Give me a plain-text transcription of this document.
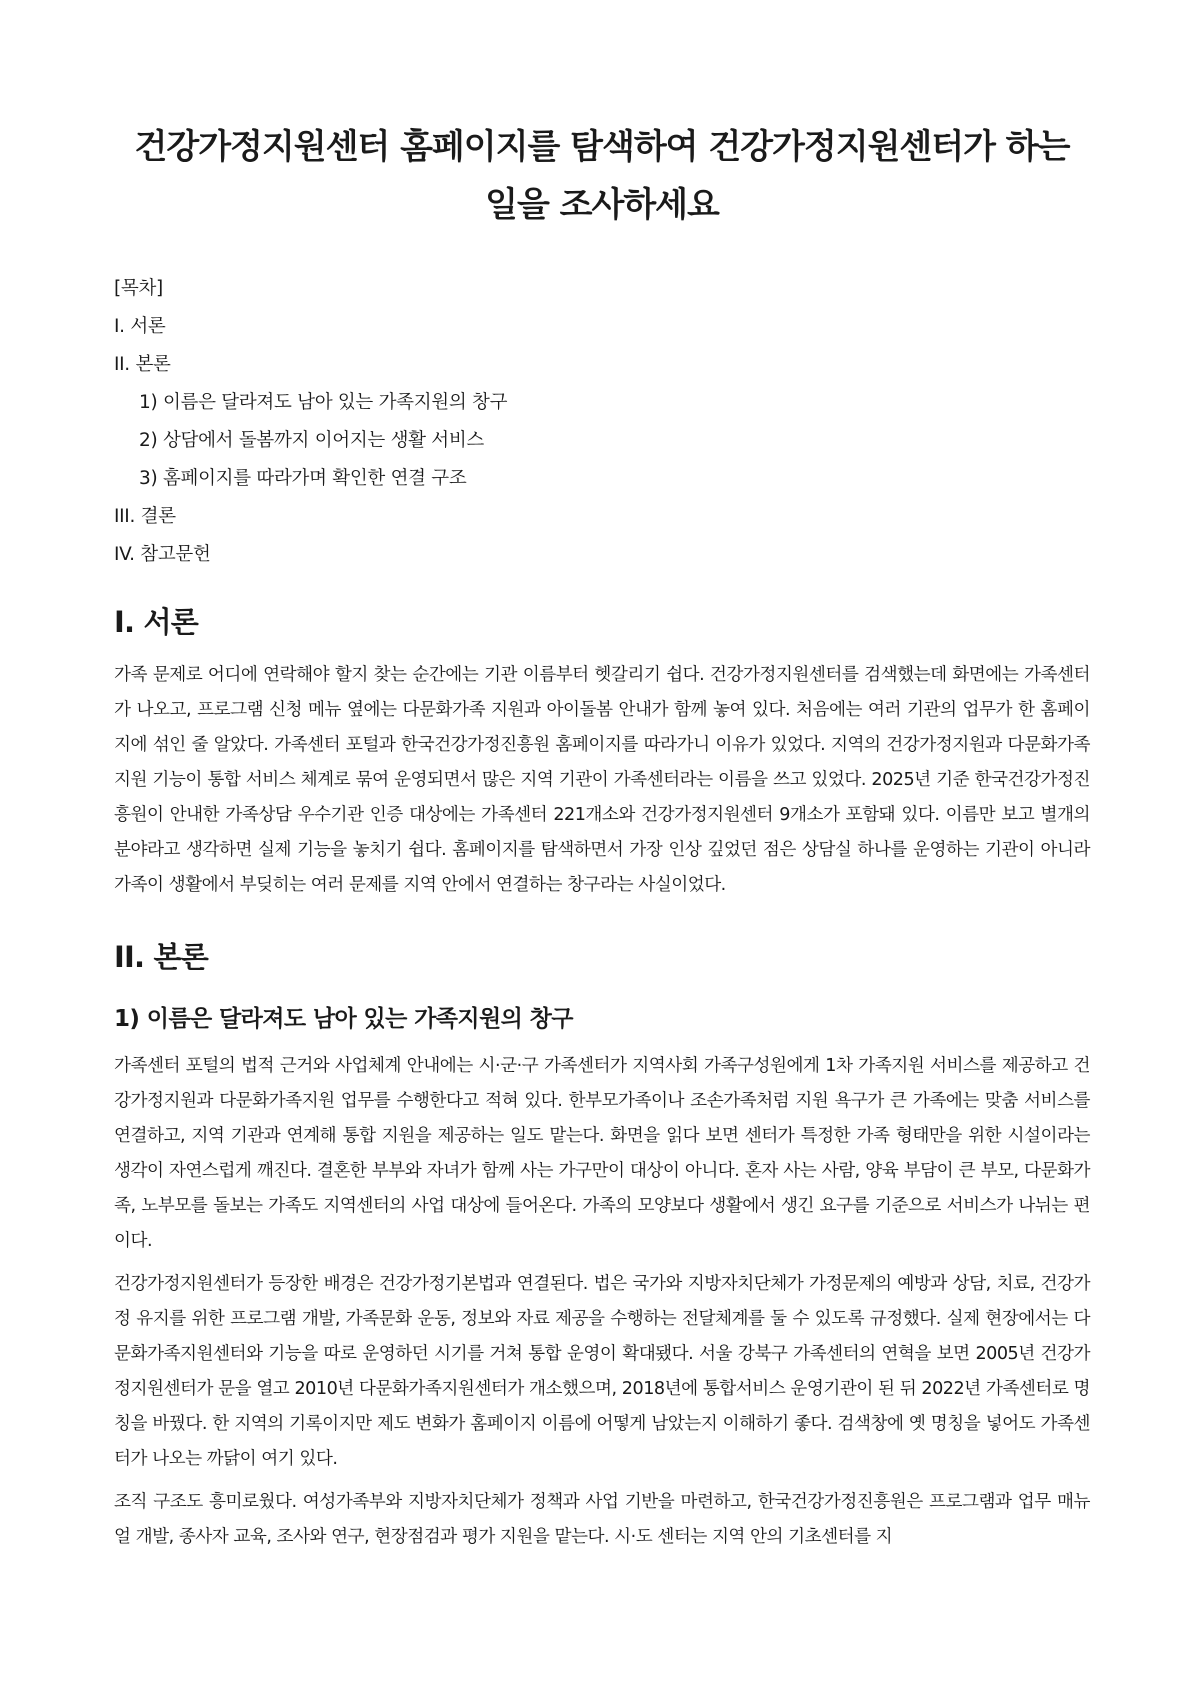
건강가정지원센터 홈페이지를 탐색하여 건강가정지원센터가 하는 일을 조사하세요
[목차]
I. 서론
II. 본론
1) 이름은 달라져도 남아 있는 가족지원의 창구
2) 상담에서 돌봄까지 이어지는 생활 서비스
3) 홈페이지를 따라가며 확인한 연결 구조
III. 결론
IV. 참고문헌
I. 서론

가족 문제로 어디에 연락해야 할지 찾는 순간에는 기관 이름부터 헷갈리기 쉽다. 건강가정지원센터를 검색했는데 화면에는 가족센터가 나오고, 프로그램 신청 메뉴 옆에는 다문화가족 지원과 아이돌봄 안내가 함께 놓여 있다. 처음에는 여러 기관의 업무가 한 홈페이지에 섞인 줄 알았다. 가족센터 포털과 한국건강가정진흥원 홈페이지를 따라가니 이유가 있었다. 지역의 건강가정지원과 다문화가족지원 기능이 통합 서비스 체계로 묶여 운영되면서 많은 지역 기관이 가족센터라는 이름을 쓰고 있었다. 2025년 기준 한국건강가정진흥원이 안내한 가족상담 우수기관 인증 대상에는 가족센터 221개소와 건강가정지원센터 9개소가 포함돼 있다. 이름만 보고 별개의 분야라고 생각하면 실제 기능을 놓치기 쉽다. 홈페이지를 탐색하면서 가장 인상 깊었던 점은 상담실 하나를 운영하는 기관이 아니라 가족이 생활에서 부딪히는 여러 문제를 지역 안에서 연결하는 창구라는 사실이었다.

II. 본론
1) 이름은 달라져도 남아 있는 가족지원의 창구

가족센터 포털의 법적 근거와 사업체계 안내에는 시·군·구 가족센터가 지역사회 가족구성원에게 1차 가족지원 서비스를 제공하고 건강가정지원과 다문화가족지원 업무를 수행한다고 적혀 있다. 한부모가족이나 조손가족처럼 지원 욕구가 큰 가족에는 맞춤 서비스를 연결하고, 지역 기관과 연계해 통합 지원을 제공하는 일도 맡는다. 화면을 읽다 보면 센터가 특정한 가족 형태만을 위한 시설이라는 생각이 자연스럽게 깨진다. 결혼한 부부와 자녀가 함께 사는 가구만이 대상이 아니다. 혼자 사는 사람, 양육 부담이 큰 부모, 다문화가족, 노부모를 돌보는 가족도 지역센터의 사업 대상에 들어온다. 가족의 모양보다 생활에서 생긴 요구를 기준으로 서비스가 나뉘는 편이다.

건강가정지원센터가 등장한 배경은 건강가정기본법과 연결된다. 법은 국가와 지방자치단체가 가정문제의 예방과 상담, 치료, 건강가정 유지를 위한 프로그램 개발, 가족문화 운동, 정보와 자료 제공을 수행하는 전달체계를 둘 수 있도록 규정했다. 실제 현장에서는 다문화가족지원센터와 기능을 따로 운영하던 시기를 거쳐 통합 운영이 확대됐다. 서울 강북구 가족센터의 연혁을 보면 2005년 건강가정지원센터가 문을 열고 2010년 다문화가족지원센터가 개소했으며, 2018년에 통합서비스 운영기관이 된 뒤 2022년 가족센터로 명칭을 바꿨다. 한 지역의 기록이지만 제도 변화가 홈페이지 이름에 어떻게 남았는지 이해하기 좋다. 검색창에 옛 명칭을 넣어도 가족센터가 나오는 까닭이 여기 있다.

조직 구조도 흥미로웠다. 여성가족부와 지방자치단체가 정책과 사업 기반을 마련하고, 한국건강가정진흥원은 프로그램과 업무 매뉴얼 개발, 종사자 교육, 조사와 연구, 현장점검과 평가 지원을 맡는다. 시·도 센터는 지역 안의 기초센터를 지
